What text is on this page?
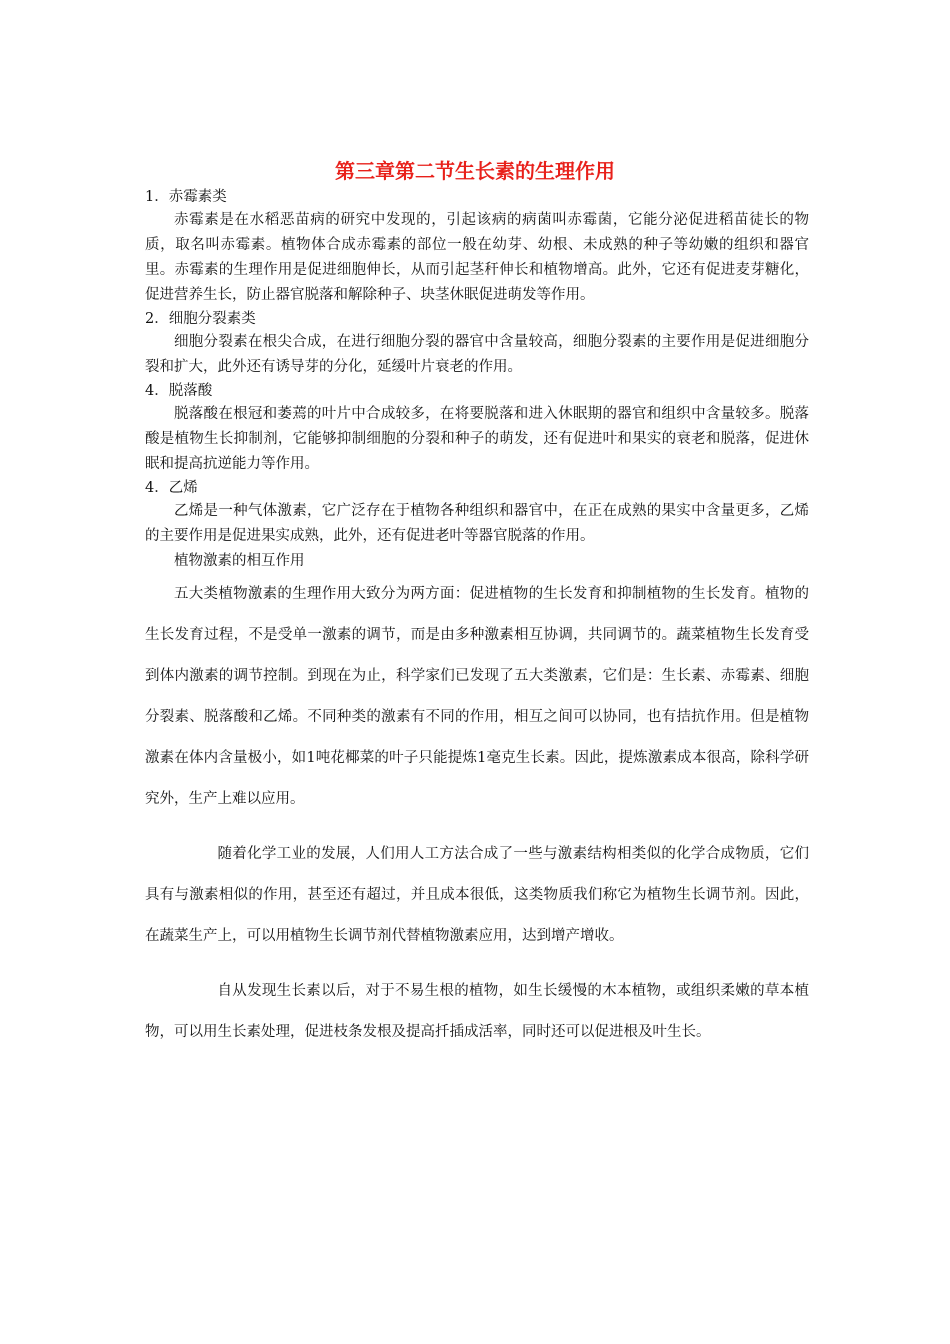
第三章第二节生长素的生理作用

1．赤霉素类

赤霉素是在水稻恶苗病的研究中发现的，引起该病的病菌叫赤霉菌，它能分泌促进稻苗徒长的物质，取名叫赤霉素。植物体合成赤霉素的部位一般在幼芽、幼根、未成熟的种子等幼嫩的组织和器官里。赤霉素的生理作用是促进细胞伸长，从而引起茎秆伸长和植物增高。此外，它还有促进麦芽糖化，促进营养生长，防止器官脱落和解除种子、块茎休眠促进萌发等作用。

2．细胞分裂素类

细胞分裂素在根尖合成，在进行细胞分裂的器官中含量较高，细胞分裂素的主要作用是促进细胞分裂和扩大，此外还有诱导芽的分化，延缓叶片衰老的作用。

4．脱落酸

脱落酸在根冠和萎蔫的叶片中合成较多，在将要脱落和进入休眠期的器官和组织中含量较多。脱落酸是植物生长抑制剂，它能够抑制细胞的分裂和种子的萌发，还有促进叶和果实的衰老和脱落，促进休眠和提高抗逆能力等作用。

4．乙烯

乙烯是一种气体激素，它广泛存在于植物各种组织和器官中，在正在成熟的果实中含量更多，乙烯的主要作用是促进果实成熟，此外，还有促进老叶等器官脱落的作用。

植物激素的相互作用

五大类植物激素的生理作用大致分为两方面：促进植物的生长发育和抑制植物的生长发育。植物的生长发育过程，不是受单一激素的调节，而是由多种激素相互协调，共同调节的。蔬菜植物生长发育受到体内激素的调节控制。到现在为止，科学家们已发现了五大类激素，它们是：生长素、赤霉素、细胞分裂素、脱落酸和乙烯。不同种类的激素有不同的作用，相互之间可以协同，也有拮抗作用。但是植物激素在体内含量极小，如1吨花椰菜的叶子只能提炼1毫克生长素。因此，提炼激素成本很高，除科学研究外，生产上难以应用。

随着化学工业的发展，人们用人工方法合成了一些与激素结构相类似的化学合成物质，它们具有与激素相似的作用，甚至还有超过，并且成本很低，这类物质我们称它为植物生长调节剂。因此，在蔬菜生产上，可以用植物生长调节剂代替植物激素应用，达到增产增收。

自从发现生长素以后，对于不易生根的植物，如生长缓慢的木本植物，或组织柔嫩的草本植物，可以用生长素处理，促进枝条发根及提高扦插成活率，同时还可以促进根及叶生长。
